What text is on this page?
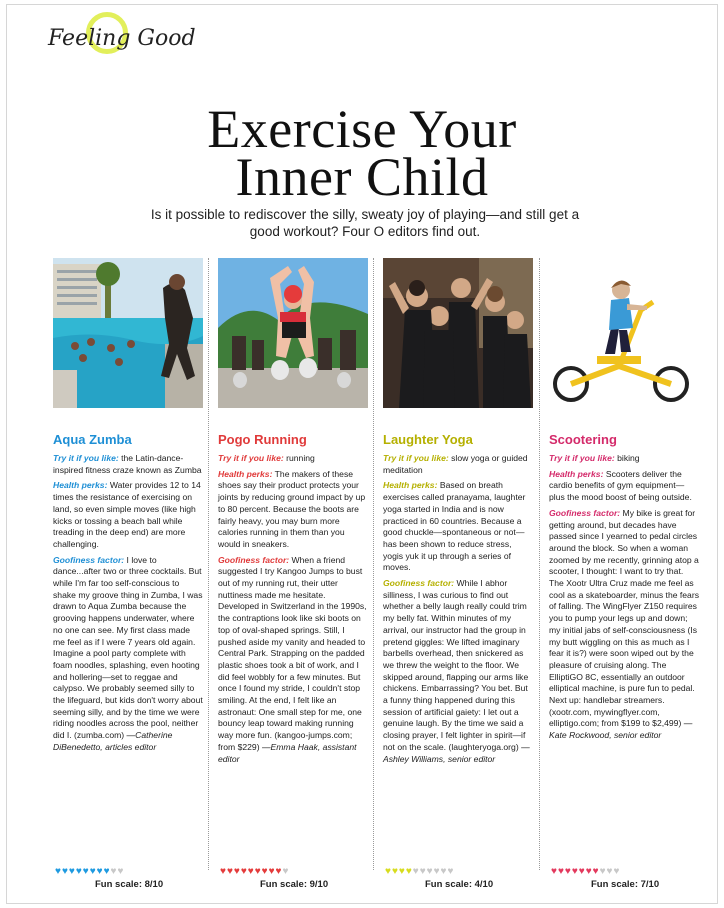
Feeling Good
Exercise Your
Inner Child
Is it possible to rediscover the silly, sweaty joy of playing—and still get a good workout? Four O editors find out.
Aqua Zumba

Try it if you like: the Latin-dance-inspired fitness craze known as Zumba

Health perks: Water provides 12 to 14 times the resistance of exercising on land, so even simple moves (like high kicks or tossing a beach ball while treading in the deep end) are more challenging.

Goofiness factor: I love to dance...after two or three cocktails. But while I'm far too self-conscious to shake my groove thing in Zumba, I was drawn to Aqua Zumba because the grooving happens underwater, where no one can see. My first class made me feel as if I were 7 years old again. Imagine a pool party complete with foam noodles, splashing, even hooting and hollering—set to reggae and calypso. We probably seemed silly to the lifeguard, but kids don't worry about seeming silly, and by the time we were riding noodles across the pool, neither did I. (zumba.com) —Catherine DiBenedetto, articles editor

Pogo Running

Try it if you like: running

Health perks: The makers of these shoes say their product protects your joints by reducing ground impact by up to 80 percent. Because the boots are fairly heavy, you may burn more calories running in them than you would in sneakers.

Goofiness factor: When a friend suggested I try Kangoo Jumps to bust out of my running rut, their utter nuttiness made me hesitate. Developed in Switzerland in the 1990s, the contraptions look like ski boots on top of oval-shaped springs. Still, I pushed aside my vanity and headed to Central Park. Strapping on the padded plastic shoes took a bit of work, and I did feel wobbly for a few minutes. But once I found my stride, I couldn't stop smiling. At the end, I felt like an astronaut: One small step for me, one bouncy leap toward making running way more fun. (kangoo-jumps.com; from $229) —Emma Haak, assistant editor

Laughter Yoga

Try it if you like: slow yoga or guided meditation

Health perks: Based on breath exercises called pranayama, laughter yoga started in India and is now practiced in 60 countries. Because a good chuckle—spontaneous or not—has been shown to reduce stress, yogis yuk it up through a series of moves.

Goofiness factor: While I abhor silliness, I was curious to find out whether a belly laugh really could trim my belly fat. Within minutes of my arrival, our instructor had the group in pretend giggles: We lifted imaginary barbells overhead, then snickered as we threw the weight to the floor. We skipped around, flapping our arms like chickens. Embarrassing? You bet. But a funny thing happened during this session of artificial gaiety: I let out a genuine laugh. By the time we said a closing prayer, I felt lighter in spirit—if not on the scale. (laughteryoga.org) —Ashley Williams, senior editor

Scootering

Try it if you like: biking

Health perks: Scooters deliver the cardio benefits of gym equipment—plus the mood boost of being outside.

Goofiness factor: My bike is great for getting around, but decades have passed since I yearned to pedal circles around the block. So when a woman zoomed by me recently, grinning atop a scooter, I thought: I want to try that. The Xootr Ultra Cruz made me feel as cool as a skateboarder, minus the fears of falling. The WingFlyer Z150 requires you to pump your legs up and down; my initial jabs of self-consciousness (Is my butt wiggling on this as much as I fear it is?) were soon wiped out by the pleasure of cruising along. The ElliptiGO 8C, essentially an outdoor elliptical machine, is pure fun to pedal. Next up: handlebar streamers. (xootr.com, mywingflyer.com, elliptigo.com; from $199 to $2,499) —Kate Rockwood, senior editor

♥♥♥♥♥♥♥♥♥♥	♥♥♥♥♥♥♥♥♥♥	♥♥♥♥♥♥♥♥♥♥	♥♥♥♥♥♥♥♥♥♥
Fun scale: 8/10	Fun scale: 9/10	Fun scale: 4/10	Fun scale: 7/10
